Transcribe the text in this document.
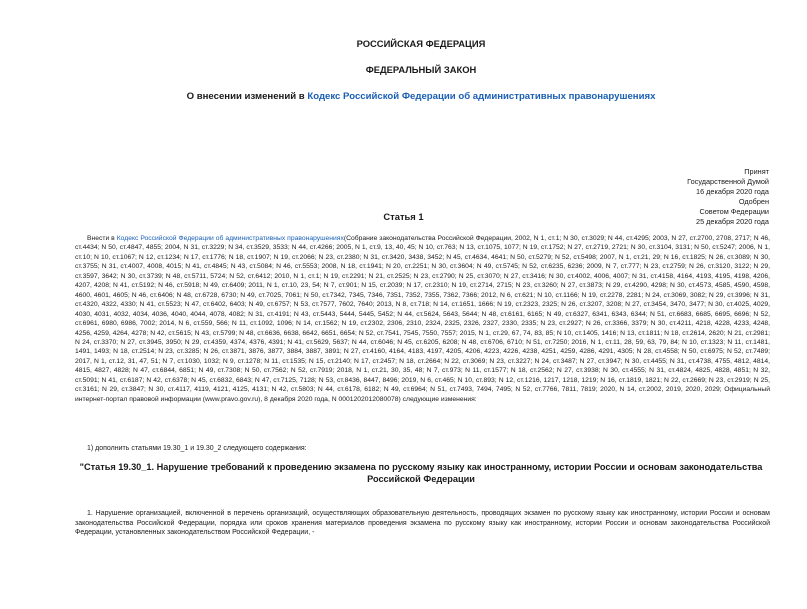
РОССИЙСКАЯ ФЕДЕРАЦИЯ
ФЕДЕРАЛЬНЫЙ ЗАКОН
О внесении изменений в Кодекс Российской Федерации об административных правонарушениях
Принят
Государственной Думой
16 декабря 2020 года
Одобрен
Советом Федерации
25 декабря 2020 года
Статья 1
Внести в Кодекс Российской Федерации об административных правонарушениях(Собрание законодательства Российской Федерации, 2002, N 1, ст.1; N 30, ст.3029; N 44, ст.4295; 2003, N 27, ст.2700, 2708, 2717; N 46, ст.4434; N 50, ст.4847, 4855; 2004, N 31, ст.3229; N 34, ст.3529, 3533; N 44, ст.4266; 2005, N 1, ст.9, 13, 40, 45; N 10, ст.763; N 13, ст.1075, 1077; N 19, ст.1752; N 27, ст.2719, 2721; N 30, ст.3104, 3131; N 50, ст.5247; 2006, N 1, ст.10; N 10, ст.1067; N 12, ст.1234; N 17, ст.1776; N 18, ст.1907; N 19, ст.2066; N 23, ст.2380; N 31, ст.3420, 3438, 3452; N 45, ст.4634, 4641; N 50, ст.5279; N 52, ст.5498; 2007, N 1, ст.21, 29; N 16, ст.1825; N 26, ст.3089; N 30, ст.3755; N 31, ст.4007, 4008, 4015; N 41, ст.4845; N 43, ст.5084; N 46, ст.5553; 2008, N 18, ст.1941; N 20, ст.2251; N 30, ст.3604; N 49, ст.5745; N 52, ст.6235, 6236; 2009, N 7, ст.777; N 23, ст.2759; N 26, ст.3120, 3122; N 29, ст.3597, 3642; N 30, ст.3739; N 48, ст.5711, 5724; N 52, ст.6412; 2010, N 1, ст.1; N 19, ст.2291; N 21, ст.2525; N 23, ст.2790; N 25, ст.3070; N 27, ст.3416; N 30, ст.4002, 4006, 4007; N 31, ст.4158, 4164, 4193, 4195, 4198, 4206, 4207, 4208; N 41, ст.5192; N 46, ст.5918; N 49, ст.6409; 2011, N 1, ст.10, 23, 54; N 7, ст.901; N 15, ст.2039; N 17, ст.2310; N 19, ст.2714, 2715; N 23, ст.3260; N 27, ст.3873; N 29, ст.4290, 4298; N 30, ст.4573, 4585, 4590, 4598, 4600, 4601, 4605; N 46, ст.6406; N 48, ст.6728, 6730; N 49, ст.7025, 7061; N 50, ст.7342, 7345, 7346, 7351, 7352, 7355, 7362, 7366; 2012, N 6, ст.621; N 10, ст.1166; N 19, ст.2278, 2281; N 24, ст.3069, 3082; N 29, ст.3996; N 31, ст.4320, 4322, 4330; N 41, ст.5523; N 47, ст.6402, 6403; N 49, ст.6757; N 53, ст.7577, 7602, 7640; 2013, N 8, ст.718; N 14, ст.1651, 1666; N 19, ст.2323, 2325; N 26, ст.3207, 3208; N 27, ст.3454, 3470, 3477; N 30, ст.4025, 4029, 4030, 4031, 4032, 4034, 4036, 4040, 4044, 4078, 4082; N 31, ст.4191; N 43, ст.5443, 5444, 5445, 5452; N 44, ст.5624, 5643, 5644; N 48, ст.6161, 6165; N 49, ст.6327, 6341, 6343, 6344; N 51, ст.6683, 6685, 6695, 6696; N 52, ст.6961, 6980, 6986, 7002; 2014, N 6, ст.559, 566; N 11, ст.1092, 1096; N 14, ст.1562; N 19, ст.2302, 2306, 2310, 2324, 2325, 2326, 2327, 2330, 2335; N 23, ст.2927; N 26, ст.3366, 3379; N 30, ст.4211, 4218, 4228, 4233, 4248, 4256, 4259, 4264, 4278; N 42, ст.5615; N 43, ст.5799; N 48, ст.6636, 6638, 6642, 6651, 6654; N 52, ст.7541, 7545, 7550, 7557; 2015, N 1, ст.29, 67, 74, 83, 85; N 10, ст.1405, 1416; N 13, ст.1811; N 18, ст.2614, 2620; N 21, ст.2981; N 24, ст.3370; N 27, ст.3945, 3950; N 29, ст.4359, 4374, 4376, 4391; N 41, ст.5629, 5637; N 44, ст.6046; N 45, ст.6205, 6208; N 48, ст.6706, 6710; N 51, ст.7250; 2016, N 1, ст.11, 28, 59, 63, 79, 84; N 10, ст.1323; N 11, ст.1481, 1491, 1493; N 18, ст.2514; N 23, ст.3285; N 26, ст.3871, 3876, 3877, 3884, 3887, 3891; N 27, ст.4160, 4164, 4183, 4197, 4205, 4206, 4223, 4226, 4238, 4251, 4259, 4286, 4291, 4305; N 28, ст.4558; N 50, ст.6975; N 52, ст.7489; 2017, N 1, ст.12, 31, 47, 51; N 7, ст.1030, 1032; N 9, ст.1278; N 11, ст.1535; N 15, ст.2140; N 17, ст.2457; N 18, ст.2664; N 22, ст.3069; N 23, ст.3227; N 24, ст.3487; N 27, ст.3947; N 30, ст.4455; N 31, ст.4738, 4755, 4812, 4814, 4815, 4827, 4828; N 47, ст.6844, 6851; N 49, ст.7308; N 50, ст.7562; N 52, ст.7919; 2018, N 1, ст.21, 30, 35, 48; N 7, ст.973; N 11, ст.1577; N 18, ст.2562; N 27, ст.3938; N 30, ст.4555; N 31, ст.4824, 4825, 4828, 4851; N 32, ст.5091; N 41, ст.6187; N 42, ст.6378; N 45, ст.6832, 6843; N 47, ст.7125, 7128; N 53, ст.8436, 8447, 8496; 2019, N 6, ст.465; N 10, ст.893; N 12, ст.1216, 1217, 1218, 1219; N 16, ст.1819, 1821; N 22, ст.2669; N 23, ст.2919; N 25, ст.3161; N 29, ст.3847; N 30, ст.4117, 4119, 4121, 4125, 4131; N 42, ст.5803; N 44, ст.6178, 6182; N 49, ст.6964; N 51, ст.7493, 7494, 7495; N 52, ст.7766, 7811, 7819; 2020, N 14, ст.2002, 2019, 2020, 2029; Официальный интернет-портал правовой информации (www.pravo.gov.ru), 8 декабря 2020 года, N 0001202012080078) следующие изменения:
1) дополнить статьями 19.30_1 и 19.30_2 следующего содержания:
"Статья 19.30_1. Нарушение требований к проведению экзамена по русскому языку как иностранному, истории России и основам законодательства Российской Федерации
1. Нарушение организацией, включенной в перечень организаций, осуществляющих образовательную деятельность, проводящих экзамен по русскому языку как иностранному, истории России и основам законодательства Российской Федерации, порядка или сроков хранения материалов проведения экзамена по русскому языку как иностранному, истории России и основам законодательства Российской Федерации, установленных законодательством Российской Федерации, -
